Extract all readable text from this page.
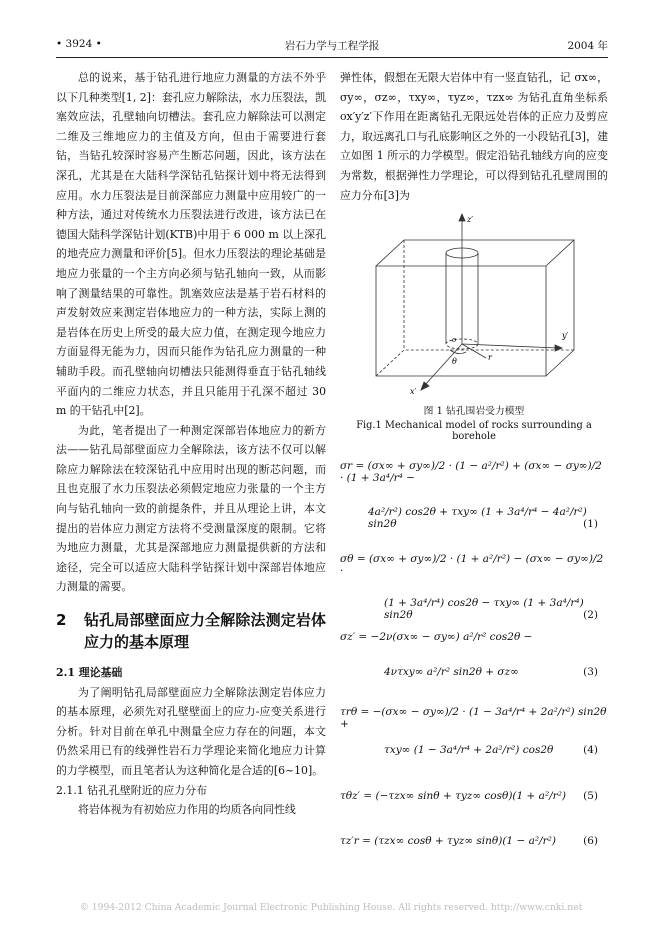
• 3924 •	岩石力学与工程学报	2004 年

总的说来，基于钻孔进行地应力测量的方法不外乎以下几种类型[1, 2]：套孔应力解除法，水力压裂法，凯塞效应法，孔壁轴向切槽法。套孔应力解除法可以测定二维及三维地应力的主值及方向，但由于需要进行套钻，当钻孔较深时容易产生断芯问题，因此，该方法在深孔，尤其是在大陆科学深钻孔钻探计划中将无法得到应用。水力压裂法是目前深部应力测量中应用较广的一种方法，通过对传统水力压裂法进行改进，该方法已在德国大陆科学深钻计划(KTB)中用于 6 000 m 以上深孔的地壳应力测量和评价[5]。但水力压裂法的理论基础是地应力张量的一个主方向必须与钻孔轴向一致，从而影响了测量结果的可靠性。凯塞效应法是基于岩石材料的声发射效应来测定岩体地应力的一种方法，实际上测的是岩体在历史上所受的最大应力值，在测定现今地应力方面显得无能为力，因而只能作为钻孔应力测量的一种辅助手段。而孔壁轴向切槽法只能测得垂直于钻孔轴线平面内的二维应力状态，并且只能用于孔深不超过 30 m 的干钻孔中[2]。

为此，笔者提出了一种测定深部岩体地应力的新方法——钻孔局部壁面应力全解除法，该方法不仅可以解除应力解除法在较深钻孔中应用时出现的断芯问题，而且也克服了水力压裂法必须假定地应力张量的一个主方向与钻孔轴向一致的前提条件，并且从理论上讲，本文提出的岩体应力测定方法将不受测量深度的限制。它将为地应力测量，尤其是深部地应力测量提供新的方法和途径，完全可以适应大陆科学钻探计划中深部岩体地应力测量的需要。

2	钻孔局部壁面应力全解除法测定岩体应力的基本原理
2.1 理论基础

为了阐明钻孔局部壁面应力全解除法测定岩体应力的基本原理，必须先对孔壁壁面上的应力-应变关系进行分析。针对目前在单孔中测量全应力存在的问题，本文仍然采用已有的线弹性岩石力学理论来简化地应力计算的力学模型，而且笔者认为这种简化是合适的[6~10]。

2.1.1 钻孔孔壁附近的应力分布

将岩体视为有初始应力作用的均质各向同性线

弹性体，假想在无限大岩体中有一竖直钻孔，记 σx∞，σy∞，σz∞，τxy∞，τyz∞，τzx∞ 为钻孔直角坐标系 ox′y′z′下作用在距离钻孔无限远处岩体的正应力及剪应力，取远离孔口与孔底影响区之外的一小段钻孔[3]，建立如图 1 所示的力学模型。假定沿钻孔轴线方向的应变为常数，根据弹性力学理论，可以得到钻孔孔壁周围的应力分布[3]为

z′
y′
x′
r
θ
o
图 1 钻孔围岩受力模型
Fig.1 Mechanical model of rocks surrounding a borehole
σr = (σx∞ + σy∞)/2 · (1 − a²/r²) + (σx∞ − σy∞)/2 · (1 + 3a⁴/r⁴ −
4a²/r²) cos2θ + τxy∞ (1 + 3a⁴/r⁴ − 4a²/r²) sin2θ	(1)
σθ = (σx∞ + σy∞)/2 · (1 + a²/r²) − (σx∞ − σy∞)/2 ·
(1 + 3a⁴/r⁴) cos2θ − τxy∞ (1 + 3a⁴/r⁴) sin2θ	(2)
σz′ = −2ν(σx∞ − σy∞) a²/r² cos2θ −
4ντxy∞ a²/r² sin2θ + σz∞	(3)
τrθ = −(σx∞ − σy∞)/2 · (1 − 3a⁴/r⁴ + 2a²/r²) sin2θ +
τxy∞ (1 − 3a⁴/r⁴ + 2a²/r²) cos2θ	(4)
τθz′ = (−τzx∞ sinθ + τyz∞ cosθ)(1 + a²/r²) (5)
τz′r = (τzx∞ cosθ + τyz∞ sinθ)(1 − a²/r²)	(6)
© 1994-2012 China Academic Journal Electronic Publishing House. All rights reserved. http://www.cnki.net
